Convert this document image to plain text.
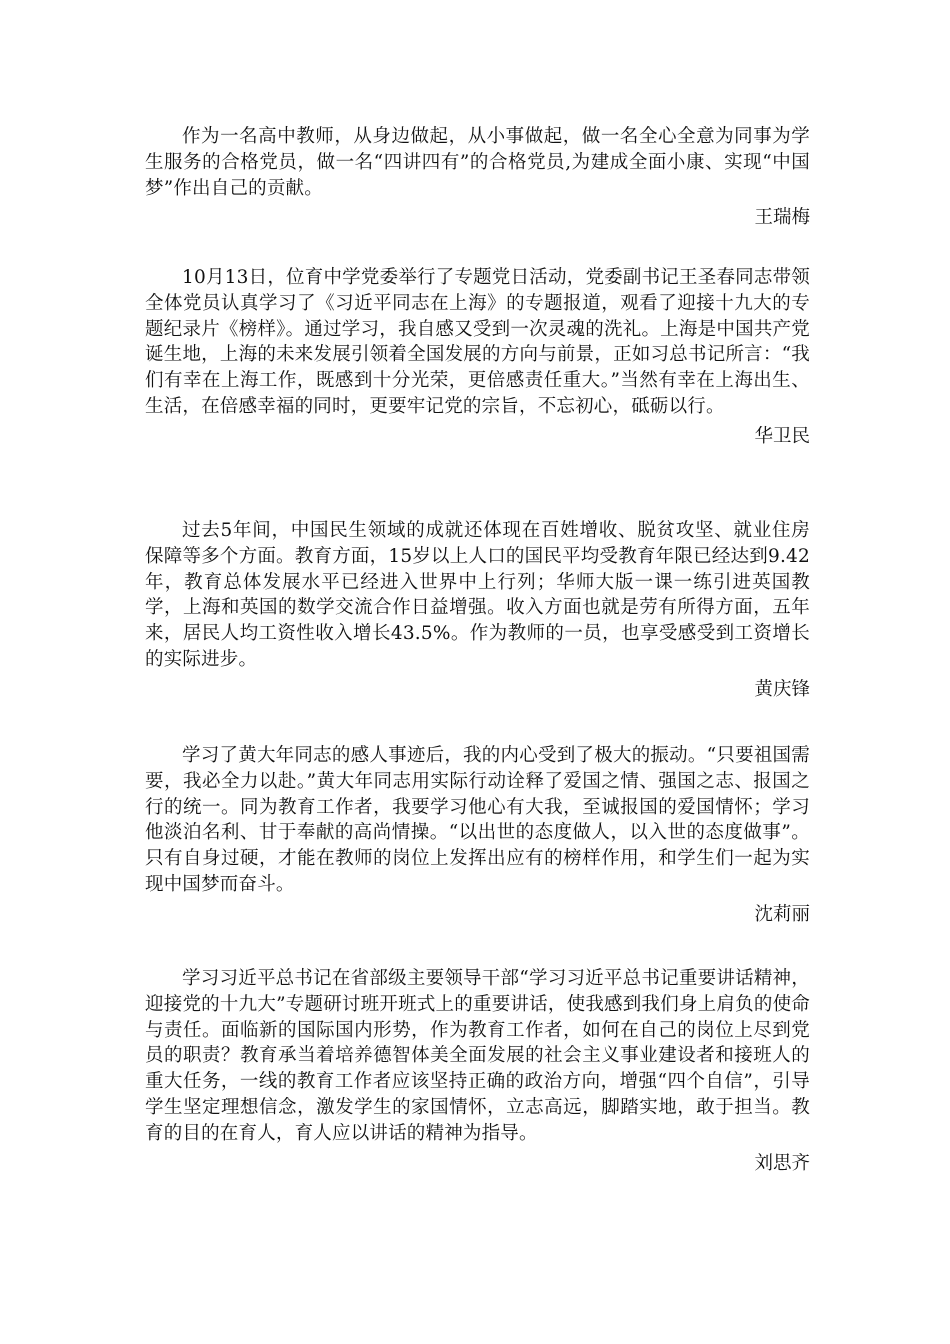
作为一名高中教师，从身边做起，从小事做起，做一名全心全意为同事为学生服务的合格党员，做一名“四讲四有”的合格党员,为建成全面小康、实现“中国梦”作出自己的贡献。

王瑞梅

10月13日，位育中学党委举行了专题党日活动，党委副书记王圣春同志带领全体党员认真学习了《习近平同志在上海》的专题报道，观看了迎接十九大的专题纪录片《榜样》。通过学习，我自感又受到一次灵魂的洗礼。上海是中国共产党诞生地，上海的未来发展引领着全国发展的方向与前景，正如习总书记所言：“我们有幸在上海工作，既感到十分光荣，更倍感责任重大。”当然有幸在上海出生、生活，在倍感幸福的同时，更要牢记党的宗旨，不忘初心，砥砺以行。

华卫民

过去5年间，中国民生领域的成就还体现在百姓增收、脱贫攻坚、就业住房保障等多个方面。教育方面，15岁以上人口的国民平均受教育年限已经达到9.42年，教育总体发展水平已经进入世界中上行列；华师大版一课一练引进英国教学，上海和英国的数学交流合作日益增强。收入方面也就是劳有所得方面，五年来，居民人均工资性收入增长43.5%。作为教师的一员，也享受感受到工资增长的实际进步。

黄庆锋

学习了黄大年同志的感人事迹后，我的内心受到了极大的振动。“只要祖国需要，我必全力以赴。”黄大年同志用实际行动诠释了爱国之情、强国之志、报国之行的统一。同为教育工作者，我要学习他心有大我，至诚报国的爱国情怀；学习他淡泊名利、甘于奉献的高尚情操。“以出世的态度做人，以入世的态度做事”。只有自身过硬，才能在教师的岗位上发挥出应有的榜样作用，和学生们一起为实现中国梦而奋斗。

沈莉丽

学习习近平总书记在省部级主要领导干部“学习习近平总书记重要讲话精神，迎接党的十九大”专题研讨班开班式上的重要讲话，使我感到我们身上肩负的使命与责任。面临新的国际国内形势，作为教育工作者，如何在自己的岗位上尽到党员的职责？教育承当着培养德智体美全面发展的社会主义事业建设者和接班人的重大任务，一线的教育工作者应该坚持正确的政治方向，增强“四个自信”，引导学生坚定理想信念，激发学生的家国情怀，立志高远，脚踏实地，敢于担当。教育的目的在育人，育人应以讲话的精神为指导。

刘思齐
